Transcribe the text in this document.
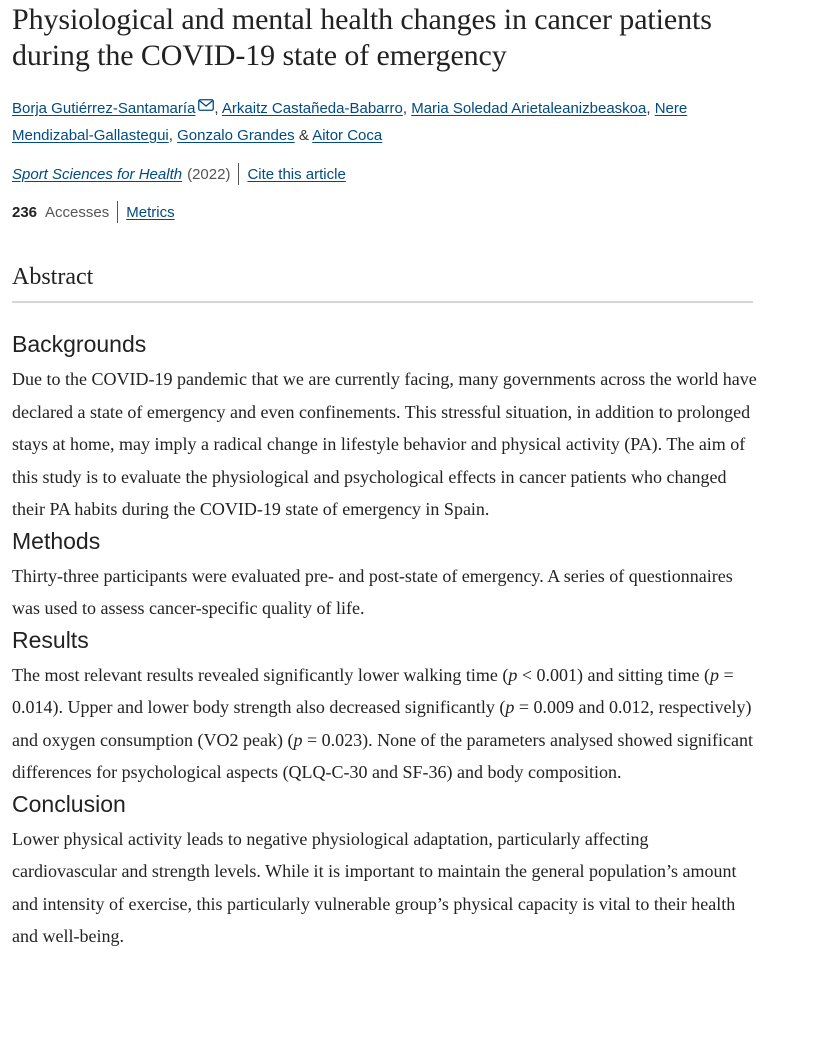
Physiological and mental health changes in cancer patients during the COVID-19 state of emergency
Borja Gutiérrez-Santamaría , Arkaitz Castañeda-Babarro, Maria Soledad Arietaleanizbeaskoa, Nere Mendizabal-Gallastegui, Gonzalo Grandes & Aitor Coca
Sport Sciences for Health (2022) Cite this article
236 Accesses Metrics
Abstract
Backgrounds

Due to the COVID-19 pandemic that we are currently facing, many governments across the world have declared a state of emergency and even confinements. This stressful situation, in addition to prolonged stays at home, may imply a radical change in lifestyle behavior and physical activity (PA). The aim of this study is to evaluate the physiological and psychological effects in cancer patients who changed their PA habits during the COVID-19 state of emergency in Spain.

Methods

Thirty-three participants were evaluated pre- and post-state of emergency. A series of questionnaires was used to assess cancer-specific quality of life.

Results

The most relevant results revealed significantly lower walking time (p < 0.001) and sitting time (p = 0.014). Upper and lower body strength also decreased significantly (p = 0.009 and 0.012, respectively) and oxygen consumption (VO2 peak) (p = 0.023). None of the parameters analysed showed significant differences for psychological aspects (QLQ-C-30 and SF-36) and body composition.

Conclusion

Lower physical activity leads to negative physiological adaptation, particularly affecting cardiovascular and strength levels. While it is important to maintain the general population’s amount and intensity of exercise, this particularly vulnerable group’s physical capacity is vital to their health and well-being.
